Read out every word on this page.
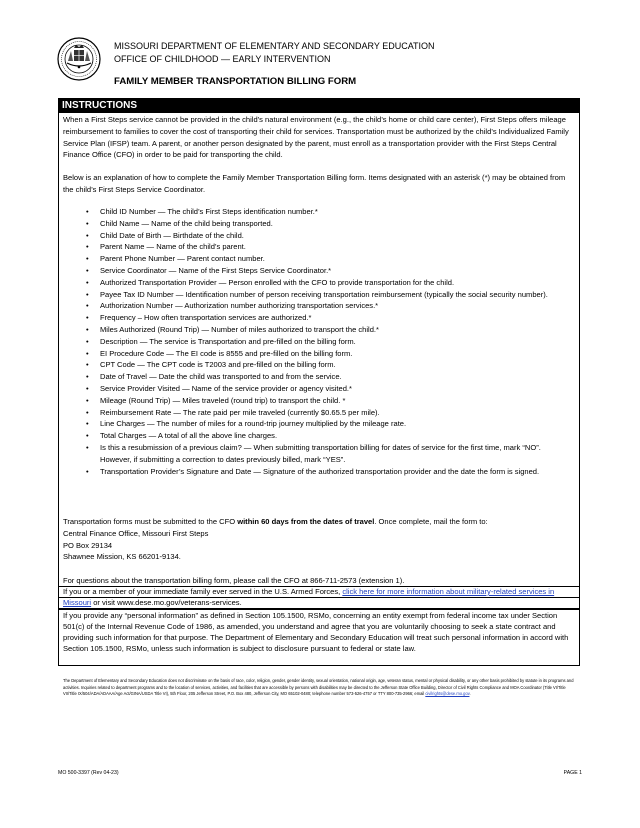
MISSOURI DEPARTMENT OF ELEMENTARY AND SECONDARY EDUCATION
OFFICE OF CHILDHOOD — EARLY INTERVENTION
FAMILY MEMBER TRANSPORTATION BILLING FORM
INSTRUCTIONS

When a First Steps service cannot be provided in the child’s natural environment (e.g., the child’s home or child care center), First Steps offers mileage reimbursement to families to cover the cost of transporting their child for services. Transportation must be authorized by the child’s Individualized Family Service Plan (IFSP) team. A parent, or another person designated by the parent, must enroll as a transportation provider with the First Steps Central Finance Office (CFO) in order to be paid for transporting the child.

Below is an explanation of how to complete the Family Member Transportation Billing form. Items designated with an asterisk (*) may be obtained from the child’s First Steps Service Coordinator.

• Child ID Number — The child’s First Steps identification number.*
• Child Name — Name of the child being transported.
• Child Date of Birth — Birthdate of the child.
• Parent Name — Name of the child’s parent.
• Parent Phone Number — Parent contact number.
• Service Coordinator — Name of the First Steps Service Coordinator.*
• Authorized Transportation Provider — Person enrolled with the CFO to provide transportation for the child.
• Payee Tax ID Number — Identification number of person receiving transportation reimbursement (typically the social security number).
• Authorization Number — Authorization number authorizing transportation services.*
• Frequency – How often transportation services are authorized.*
• Miles Authorized (Round Trip) — Number of miles authorized to transport the child.*
• Description — The service is Transportation and pre-filled on the billing form.
• EI Procedure Code — The EI code is 8555 and pre-filled on the billing form.
• CPT Code — The CPT code is T2003 and pre-filled on the billing form.
• Date of Travel — Date the child was transported to and from the service.
• Service Provider Visited — Name of the service provider or agency visited.*
• Mileage (Round Trip) — Miles traveled (round trip) to transport the child. *
• Reimbursement Rate — The rate paid per mile traveled (currently $0.65.5 per mile).
• Line Charges — The number of miles for a round-trip journey multiplied by the mileage rate.
• Total Charges — A total of all the above line charges.
• Is this a resubmission of a previous claim? — When submitting transportation billing for dates of service for the first time, mark “NO”. However, if submitting a correction to dates previously billed, mark “YES”.
• Transportation Provider’s Signature and Date — Signature of the authorized transportation provider and the date the form is signed.
Transportation forms must be submitted to the CFO within 60 days from the dates of travel. Once complete, mail the form to:
Central Finance Office, Missouri First Steps
PO Box 29134
Shawnee Mission, KS 66201-9134.
For questions about the transportation billing form, please call the CFO at 866-711-2573 (extension 1).

If you or a member of your immediate family ever served in the U.S. Armed Forces, click here for more information about military-related services in Missouri or visit www.dese.mo.gov/veterans-services.

If you provide any “personal information” as defined in Section 105.1500, RSMo, concerning an entity exempt from federal income tax under Section 501(c) of the Internal Revenue Code of 1986, as amended, you understand and agree that you are voluntarily choosing to seek a state contract and providing such information for that purpose. The Department of Elementary and Secondary Education will treat such personal information in accord with Section 105.1500, RSMo, unless such information is subject to disclosure pursuant to federal or state law.

The Department of Elementary and Secondary Education does not discriminate on the basis of race, color, religion, gender, gender identity, sexual orientation, national origin, age, veteran status, mental or physical disability, or any other basis prohibited by statute in its programs and activities. Inquiries related to department programs and to the location of services, activities, and facilities that are accessible by persons with disabilities may be directed to the Jefferson State Office Building, Director of Civil Rights Compliance and MOA Coordinator (Title VI/Title VII/Title IX/504/ADA/ADAAA/Age Act/GINA/USDA Title VI), 5th Floor, 205 Jefferson Street, P.O. Box 480, Jefferson City, MO 65102-0480; telephone number 573-526-4757 or TTY 800-735-2966; email civilrights@dese.mo.gov.

MO 500-3397 (Rev 04-23)	PAGE 1
